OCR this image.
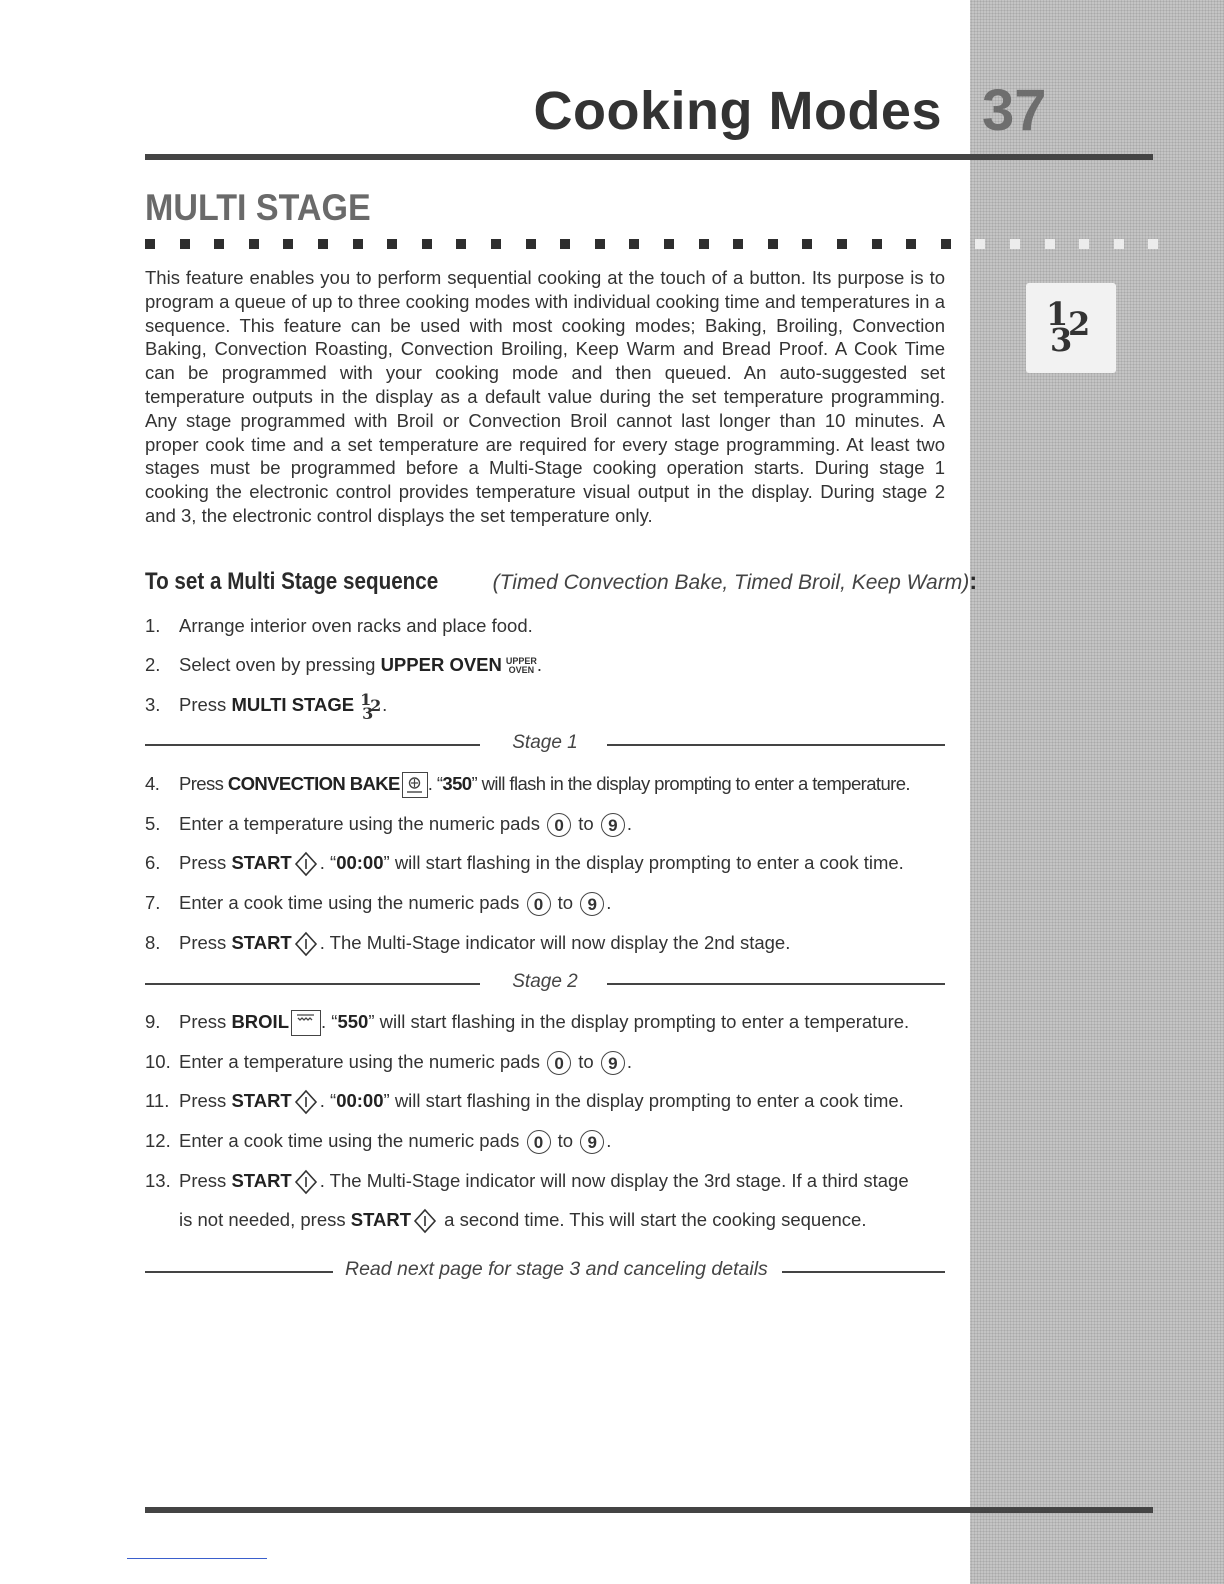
Cooking Modes 37
MULTI STAGE
1 2
3

This feature enables you to perform sequential cooking at the touch of a button. Its purpose is to program a queue of up to three cooking modes with individual cooking time and temperatures in a sequence. This feature can be used with most cooking modes; Baking, Broiling, Convection Baking, Convection Roasting, Convection Broiling, Keep Warm and Bread Proof. A Cook Time can be programmed with your cooking mode and then queued. An auto-suggested set temperature outputs in the display as a default value during the set temperature programming. Any stage programmed with Broil or Convection Broil cannot last longer than 10 minutes. A proper cook time and a set temperature are required for every stage programming. At least two stages must be programmed before a Multi-Stage cooking operation starts. During stage 1 cooking the electronic control provides temperature visual output in the display. During stage 2 and 3, the electronic control displays the set temperature only.

To set a Multi Stage sequence	(Timed Convection Bake, Timed Broil, Keep Warm):
1. Arrange interior oven racks and place food.
2. Select oven by pressing UPPER OVEN UPPER
OVEN .
3. Press MULTI STAGE 1
2
3 .
Stage 1
4. Press CONVECTION BAKE . “350” will flash in the display prompting to enter a temperature.
5. Enter a temperature using the numeric pads 0 to 9 .
6. Press START . “00:00” will start flashing in the display prompting to enter a cook time.
7. Enter a cook time using the numeric pads 0 to 9 .
8. Press START . The Multi-Stage indicator will now display the 2nd stage.
Stage 2
9. Press BROIL . “550” will start flashing in the display prompting to enter a temperature.
10. Enter a temperature using the numeric pads 0 to 9 .
11. Press START . “00:00” will start flashing in the display prompting to enter a cook time.
12. Enter a cook time using the numeric pads 0 to 9 .
13. Press START . The Multi-Stage indicator will now display the 3rd stage. If a third stage
is not needed, press START a second time. This will start the cooking sequence.
Read next page for stage 3 and canceling details
